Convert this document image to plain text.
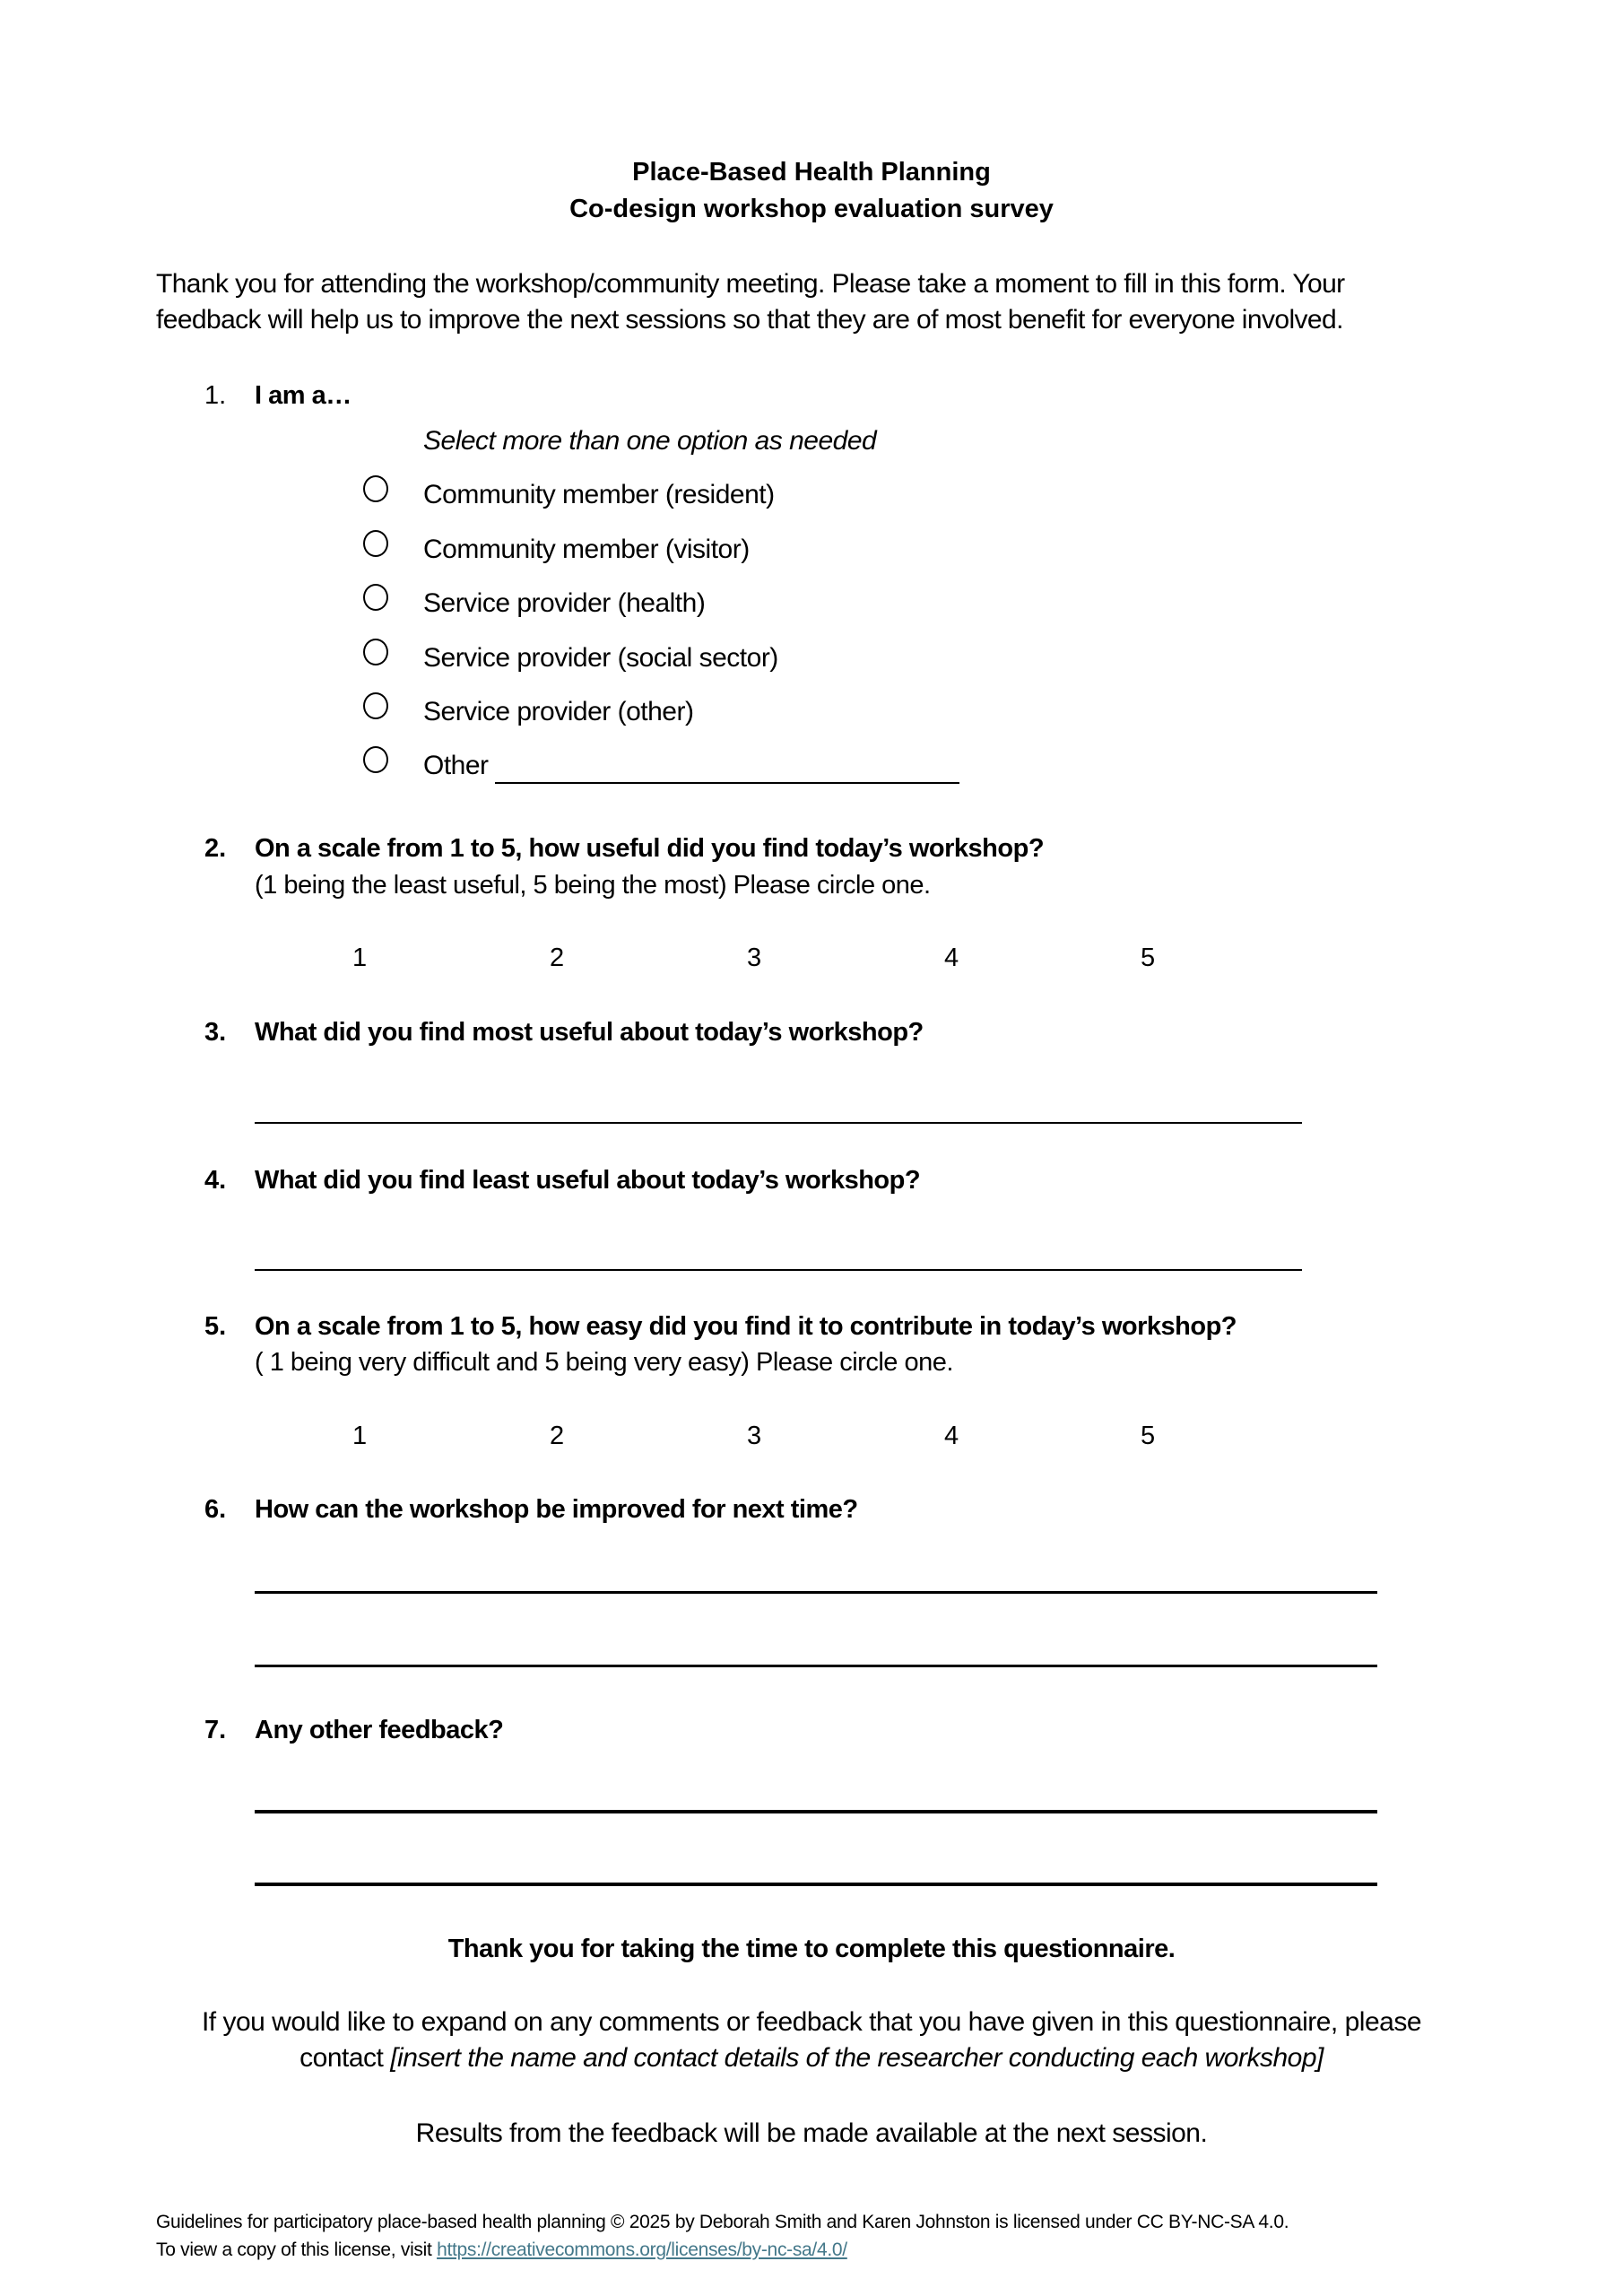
Place-Based Health Planning
Co-design workshop evaluation survey
Thank you for attending the workshop/community meeting. Please take a moment to fill in this form. Your
feedback will help us to improve the next sessions so that they are of most benefit for everyone involved.
1. I am a…
Select more than one option as needed
Community member (resident)
Community member (visitor)
Service provider (health)
Service provider (social sector)
Service provider (other)
Other
2. On a scale from 1 to 5, how useful did you find today’s workshop?
(1 being the least useful, 5 being the most) Please circle one.
1	2	3	4	5
3. What did you find most useful about today’s workshop?
4. What did you find least useful about today’s workshop?
5. On a scale from 1 to 5, how easy did you find it to contribute in today’s workshop?
( 1 being very difficult and 5 being very easy) Please circle one.
1	2	3	4	5
6. How can the workshop be improved for next time?
7. Any other feedback?
Thank you for taking the time to complete this questionnaire.
If you would like to expand on any comments or feedback that you have given in this questionnaire, please
contact [insert the name and contact details of the researcher conducting each workshop]
Results from the feedback will be made available at the next session.
Guidelines for participatory place-based health planning © 2025 by Deborah Smith and Karen Johnston is licensed under CC BY-NC-SA 4.0.
To view a copy of this license, visit https://creativecommons.org/licenses/by-nc-sa/4.0/
